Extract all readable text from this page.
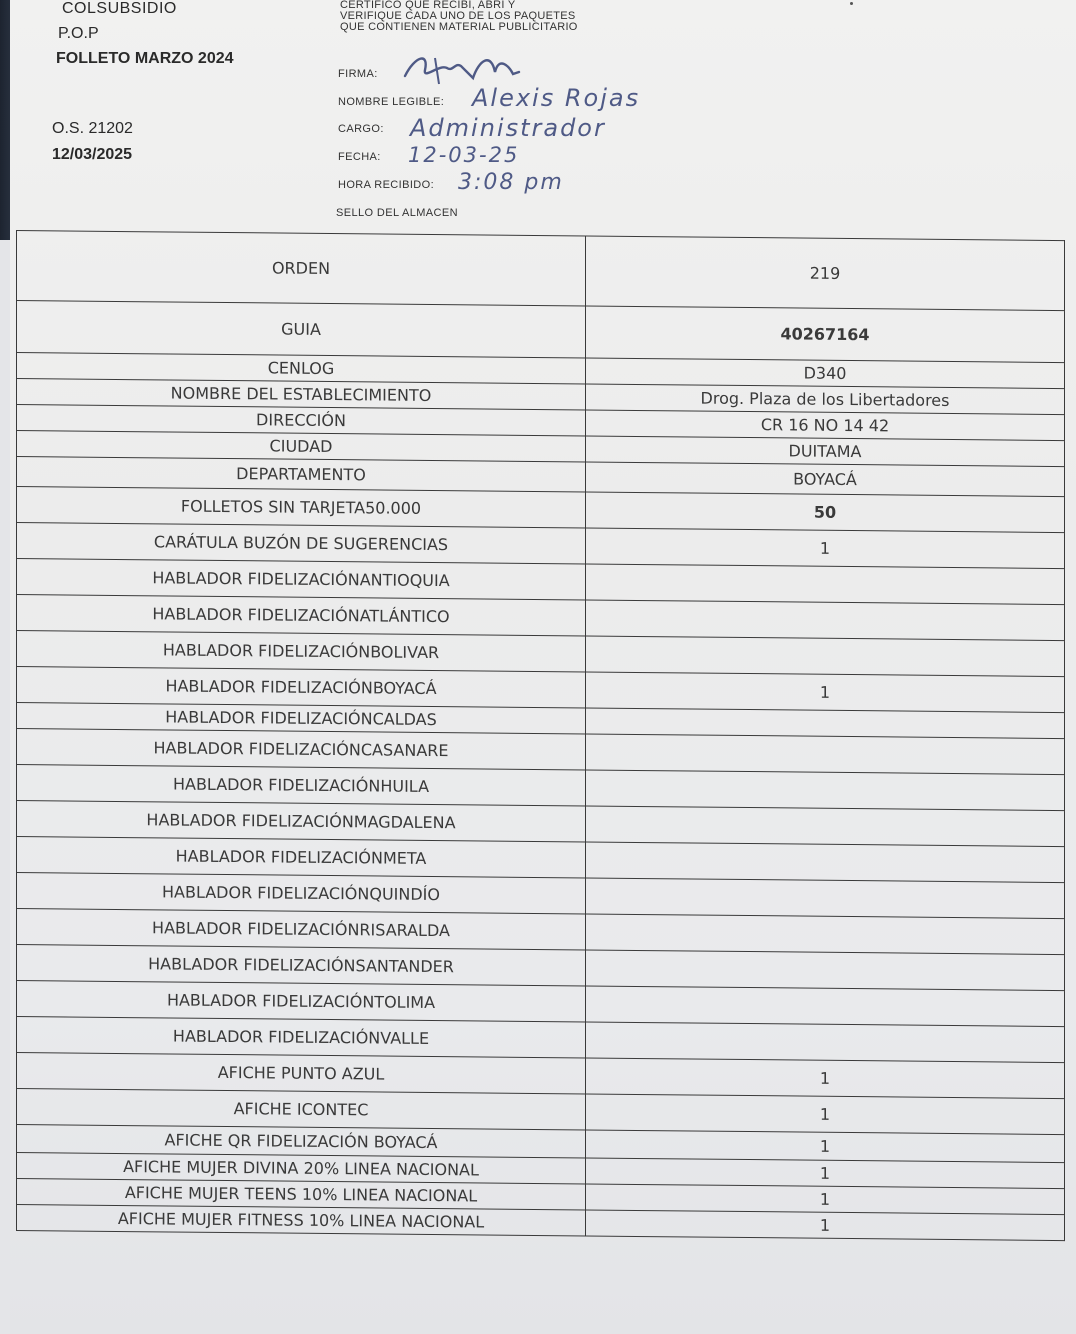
COLSUBSIDIO
P.O.P
FOLLETO MARZO 2024
O.S. 21202
12/03/2025
CERTIFICO QUE RECIBI, ABRI Y VERIFIQUE CADA UNO DE LOS PAQUETES QUE CONTIENEN MATERIAL PUBLICITARIO
FIRMA:
NOMBRE LEGIBLE: Alexis Rojas
CARGO: Administrador
FECHA: 12-03-25
HORA RECIBIDO: 3:08 pm
SELLO DEL ALMACEN
ORDEN	219
GUIA	40267164
CENLOG	D340
NOMBRE DEL ESTABLECIMIENTO	Drog. Plaza de los Libertadores
DIRECCIÓN	CR 16 NO 14 42
CIUDAD	DUITAMA
DEPARTAMENTO	BOYACÁ
FOLLETOS SIN TARJETA50.000	50
CARÁTULA BUZÓN DE SUGERENCIAS	1
HABLADOR FIDELIZACIÓNANTIOQUIA	
HABLADOR FIDELIZACIÓNATLÁNTICO	
HABLADOR FIDELIZACIÓNBOLIVAR	
HABLADOR FIDELIZACIÓNBOYACÁ	1
HABLADOR FIDELIZACIÓNCALDAS	
HABLADOR FIDELIZACIÓNCASANARE	
HABLADOR FIDELIZACIÓNHUILA	
HABLADOR FIDELIZACIÓNMAGDALENA	
HABLADOR FIDELIZACIÓNMETA	
HABLADOR FIDELIZACIÓNQUINDÍO	
HABLADOR FIDELIZACIÓNRISARALDA	
HABLADOR FIDELIZACIÓNSANTANDER	
HABLADOR FIDELIZACIÓNTOLIMA	
HABLADOR FIDELIZACIÓNVALLE	
AFICHE PUNTO AZUL	1
AFICHE ICONTEC	1
AFICHE QR FIDELIZACIÓN BOYACÁ	1
AFICHE MUJER DIVINA 20% LINEA NACIONAL	1
AFICHE MUJER TEENS 10% LINEA NACIONAL	1
AFICHE MUJER FITNESS 10% LINEA NACIONAL	1
